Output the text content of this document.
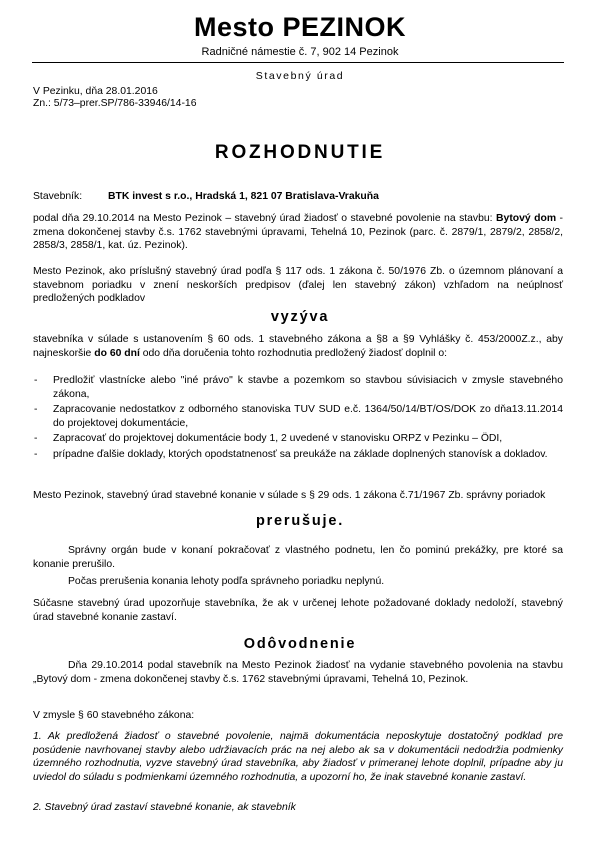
Mesto PEZINOK
Radničné námestie č. 7, 902 14 Pezinok
Stavebný úrad
V Pezinku, dňa 28.01.2016
Zn.: 5/73–prer.SP/786-33946/14-16
ROZHODNUTIE
Stavebník: BTK invest s r.o., Hradská 1, 821 07 Bratislava-Vrakuňa
podal dňa 29.10.2014 na Mesto Pezinok – stavebný úrad žiadosť o stavebné povolenie na stavbu: Bytový dom - zmena dokončenej stavby č.s. 1762 stavebnými úpravami, Tehelná 10, Pezinok (parc. č. 2879/1, 2879/2, 2858/2, 2858/3, 2858/1, kat. úz. Pezinok).
Mesto Pezinok, ako príslušný stavebný úrad podľa § 117 ods. 1 zákona č. 50/1976 Zb. o územnom plánovaní a stavebnom poriadku v znení neskorších predpisov (ďalej len stavebný zákon) vzhľadom na neúplnosť predložených podkladov
vyzýva
stavebníka v súlade s ustanovením § 60 ods. 1 stavebného zákona a §8 a §9 Vyhlášky č. 453/2000Z.z., aby najneskoršie do 60 dní odo dňa doručenia tohto rozhodnutia predložený žiadosť doplnil o:
- Predložiť vlastnícke alebo "iné právo" k stavbe a pozemkom so stavbou súvisiacich v zmysle stavebného zákona,
- Zapracovanie nedostatkov z odborného stanoviska TUV SUD e.č. 1364/50/14/BT/OS/DOK zo dňa13.11.2014 do projektovej dokumentácie,
- Zapracovať do projektovej dokumentácie body 1, 2 uvedené v stanovisku ORPZ v Pezinku – ÖDI,
- prípadne ďalšie doklady, ktorých opodstatnenosť sa preukáže na základe doplnených stanovísk a dokladov.
Mesto Pezinok, stavebný úrad stavebné konanie v súlade s § 29 ods. 1 zákona č.71/1967 Zb. správny poriadok
prerušuje.
Správny orgán bude v konaní pokračovať z vlastného podnetu, len čo pominú prekážky, pre ktoré sa konanie prerušilo.
Počas prerušenia konania lehoty podľa správneho poriadku neplynú.
Súčasne stavebný úrad upozorňuje stavebníka, že ak v určenej lehote požadované doklady nedoloží, stavebný úrad stavebné konanie zastaví.
Odôvodnenie
Dňa 29.10.2014 podal stavebník na Mesto Pezinok žiadosť na vydanie stavebného povolenia na stavbu „Bytový dom - zmena dokončenej stavby č.s. 1762 stavebnými úpravami, Tehelná 10, Pezinok.
V zmysle § 60 stavebného zákona:
1. Ak predložená žiadosť o stavebné povolenie, najmä dokumentácia neposkytuje dostatočný podklad pre posúdenie navrhovanej stavby alebo udržiavacích prác na nej alebo ak sa v dokumentácii nedodržia podmienky územného rozhodnutia, vyzve stavebný úrad stavebníka, aby žiadosť v primeranej lehote doplnil, prípadne aby ju uviedol do súladu s podmienkami územného rozhodnutia, a upozorní ho, že inak stavebné konanie zastaví.
2. Stavebný úrad zastaví stavebné konanie, ak stavebník
